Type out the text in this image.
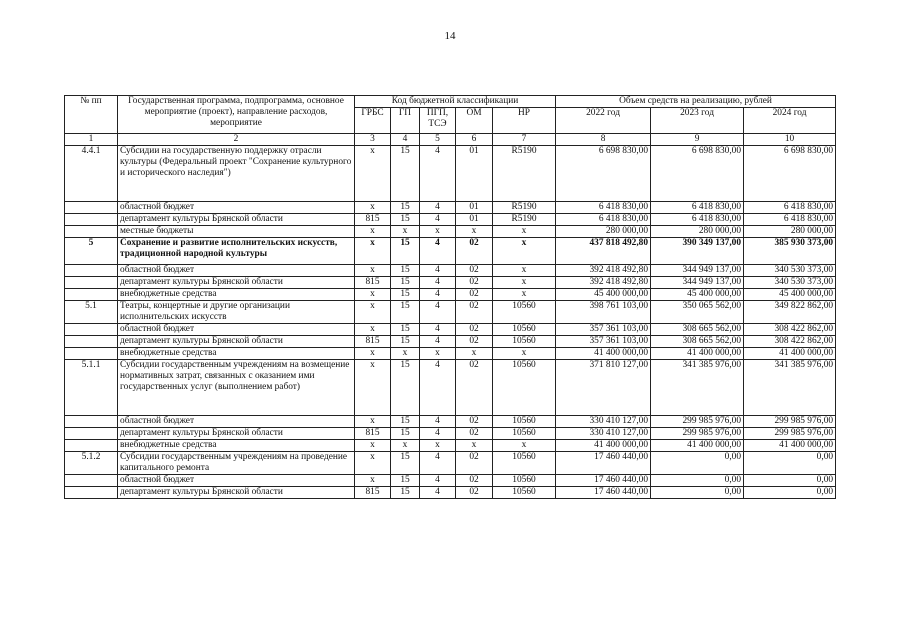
14
№ пп	Государственная программа, подпрограмма, основное мероприятие (проект), направление расходов, мероприятие	Код бюджетной классификации					Объем средств на реализацию, рублей		
		ГРБС	ГП	ПГП, ТСЭ	ОМ	НР	2022 год	2023 год	2024 год
1	2	3	4	5	6	7	8	9	10
4.4.1	Субсидии на государственную поддержку отрасли культуры (Федеральный проект "Сохранение культурного и исторического наследия")	х	15	4	01	R5190	6 698 830,00	6 698 830,00	6 698 830,00
	областной бюджет	х	15	4	01	R5190	6 418 830,00	6 418 830,00	6 418 830,00
	департамент культуры Брянской области	815	15	4	01	R5190	6 418 830,00	6 418 830,00	6 418 830,00
	местные бюджеты	х	х	х	х	х	280 000,00	280 000,00	280 000,00
5	Сохранение и развитие исполнительских искусств, традиционной народной культуры	х	15	4	02	х	437 818 492,80	390 349 137,00	385 930 373,00
	областной бюджет	х	15	4	02	х	392 418 492,80	344 949 137,00	340 530 373,00
	департамент культуры Брянской области	815	15	4	02	х	392 418 492,80	344 949 137,00	340 530 373,00
	внебюджетные средства	х	15	4	02	х	45 400 000,00	45 400 000,00	45 400 000,00
5.1	Театры, концертные и другие организации исполнительских искусств	х	15	4	02	10560	398 761 103,00	350 065 562,00	349 822 862,00
	областной бюджет	х	15	4	02	10560	357 361 103,00	308 665 562,00	308 422 862,00
	департамент культуры Брянской области	815	15	4	02	10560	357 361 103,00	308 665 562,00	308 422 862,00
	внебюджетные средства	х	х	х	х	х	41 400 000,00	41 400 000,00	41 400 000,00
5.1.1	Субсидии государственным учреждениям на возмещение нормативных затрат, связанных с оказанием ими государственных услуг (выполнением работ)	х	15	4	02	10560	371 810 127,00	341 385 976,00	341 385 976,00
	областной бюджет	х	15	4	02	10560	330 410 127,00	299 985 976,00	299 985 976,00
	департамент культуры Брянской области	815	15	4	02	10560	330 410 127,00	299 985 976,00	299 985 976,00
	внебюджетные средства	х	х	х	х	х	41 400 000,00	41 400 000,00	41 400 000,00
5.1.2	Субсидии государственным учреждениям на проведение капитального ремонта	х	15	4	02	10560	17 460 440,00	0,00	0,00
	областной бюджет	х	15	4	02	10560	17 460 440,00	0,00	0,00
	департамент культуры Брянской области	815	15	4	02	10560	17 460 440,00	0,00	0,00
